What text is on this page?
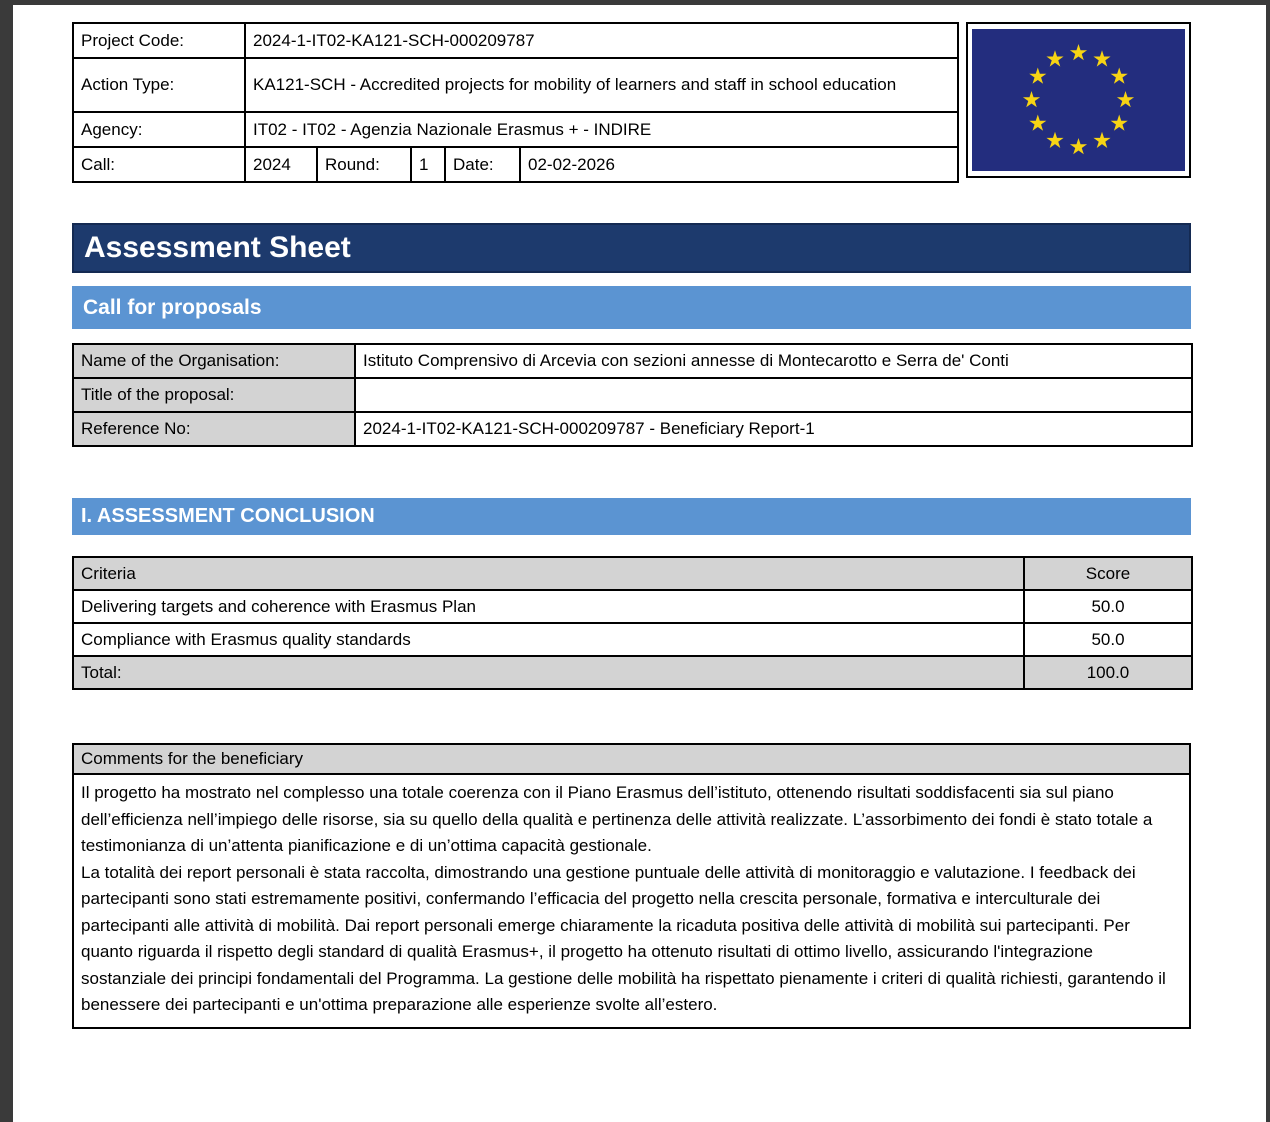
Project Code:	2024-1-IT02-KA121-SCH-000209787				
Action Type:	KA121-SCH - Accredited projects for mobility of learners and staff in school education				
Agency:	IT02 - IT02 - Agenzia Nazionale Erasmus + - INDIRE				
Call:	2024	Round:	1	Date:	02-02-2026
Assessment Sheet
Call for proposals
Name of the Organisation:	Istituto Comprensivo di Arcevia con sezioni annesse di Montecarotto e Serra de' Conti
Title of the proposal:	
Reference No:	2024-1-IT02-KA121-SCH-000209787 - Beneficiary Report-1
I. ASSESSMENT CONCLUSION
Criteria	Score
Delivering targets and coherence with Erasmus Plan	50.0
Compliance with Erasmus quality standards	50.0
Total:	100.0
Comments for the beneficiary
Il progetto ha mostrato nel complesso una totale coerenza con il Piano Erasmus dell’istituto, ottenendo risultati soddisfacenti sia sul piano dell’efficienza nell’impiego delle risorse, sia su quello della qualità e pertinenza delle attività realizzate. L’assorbimento dei fondi è stato totale a testimonianza di un’attenta pianificazione e di un’ottima capacità gestionale.
La totalità dei report personali è stata raccolta, dimostrando una gestione puntuale delle attività di monitoraggio e valutazione. I feedback dei partecipanti sono stati estremamente positivi, confermando l’efficacia del progetto nella crescita personale, formativa e interculturale dei partecipanti alle attività di mobilità. Dai report personali emerge chiaramente la ricaduta positiva delle attività di mobilità sui partecipanti. Per quanto riguarda il rispetto degli standard di qualità Erasmus+, il progetto ha ottenuto risultati di ottimo livello, assicurando l'integrazione sostanziale dei principi fondamentali del Programma. La gestione delle mobilità ha rispettato pienamente i criteri di qualità richiesti, garantendo il benessere dei partecipanti e un'ottima preparazione alle esperienze svolte all’estero.
